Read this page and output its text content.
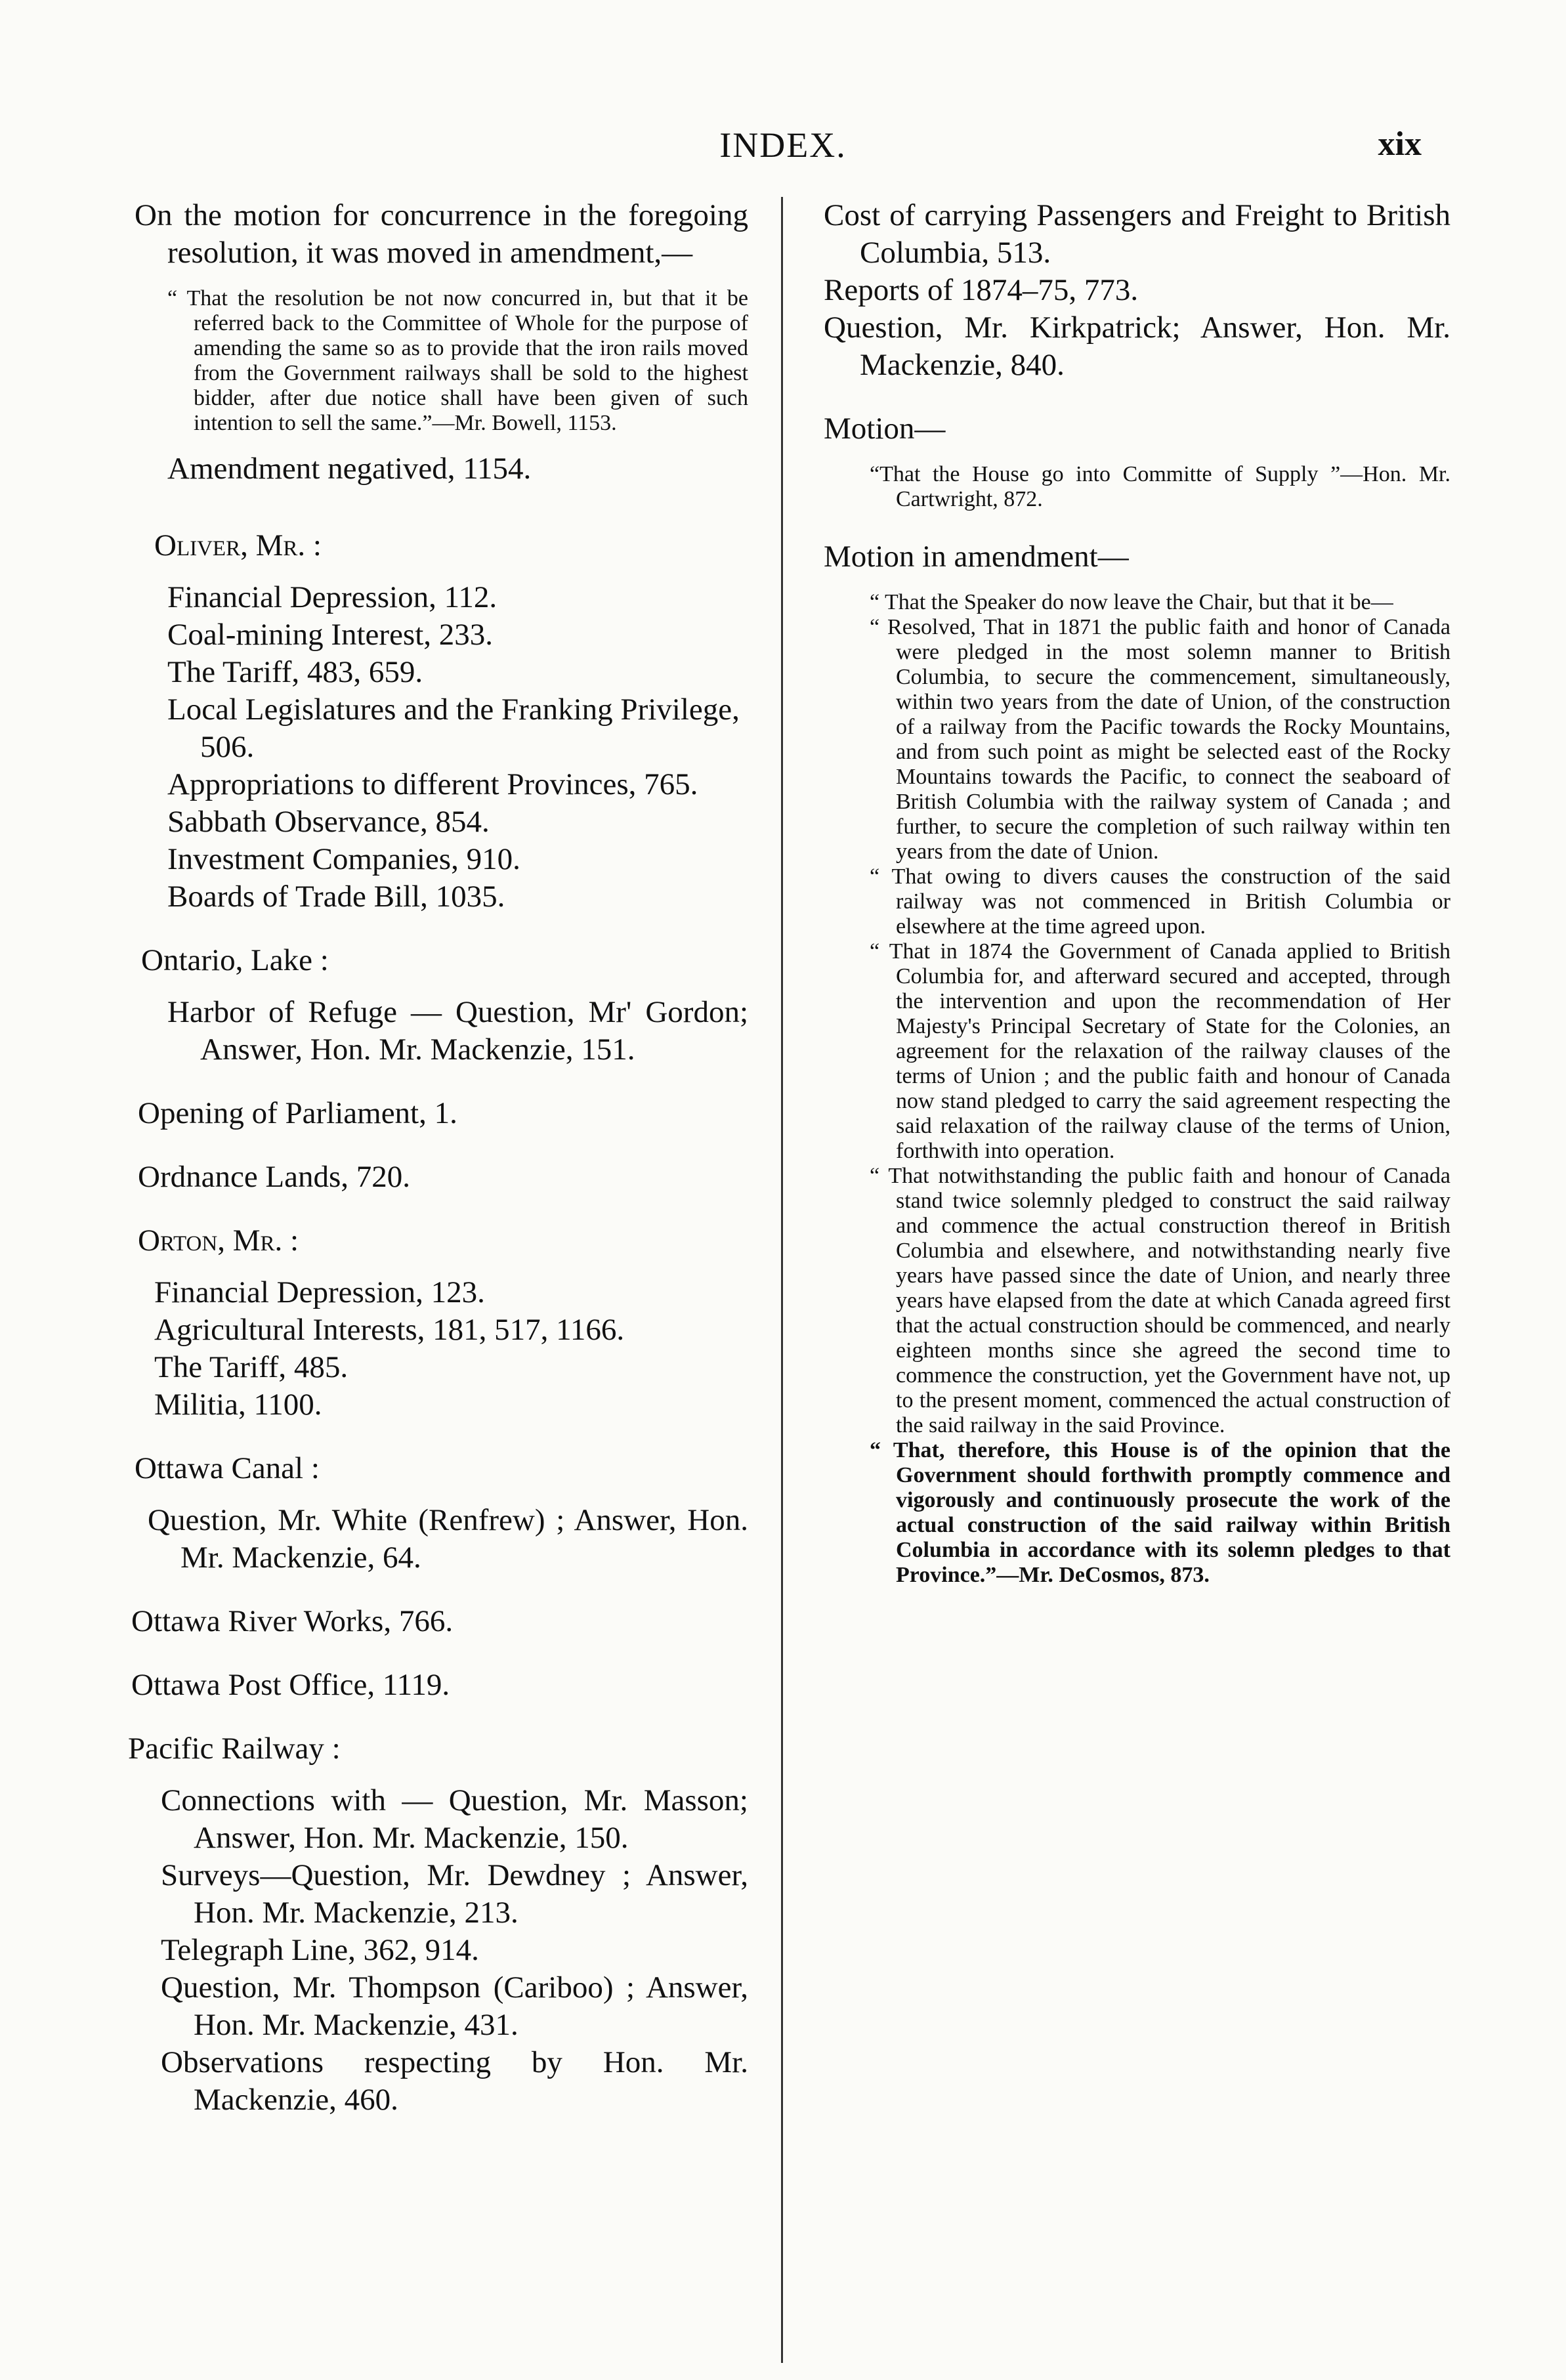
INDEX.	xix

On the motion for concurrence in the foregoing resolution, it was moved in amendment,—

“ That the resolution be not now concurred in, but that it be referred back to the Committee of Whole for the purpose of amending the same so as to provide that the iron rails moved from the Government railways shall be sold to the highest bidder, after due notice shall have been given of such intention to sell the same.”—Mr. Bowell, 1153.

Amendment negatived, 1154.

Oliver, Mr. :

Financial Depression, 112.

Coal-mining Interest, 233.

The Tariff, 483, 659.

Local Legislatures and the Franking Privilege, 506.

Appropriations to different Provinces, 765.

Sabbath Observance, 854.

Investment Companies, 910.

Boards of Trade Bill, 1035.

Ontario, Lake :

Harbor of Refuge — Question, Mr' Gordon; Answer, Hon. Mr. Mackenzie, 151.

Opening of Parliament, 1.

Ordnance Lands, 720.

Orton, Mr. :

Financial Depression, 123.

Agricultural Interests, 181, 517, 1166.

The Tariff, 485.

Militia, 1100.

Ottawa Canal :

Question, Mr. White (Renfrew) ; Answer, Hon. Mr. Mackenzie, 64.

Ottawa River Works, 766.

Ottawa Post Office, 1119.

Pacific Railway :

Connections with — Question, Mr. Masson; Answer, Hon. Mr. Mackenzie, 150.

Surveys—Question, Mr. Dewdney ; Answer, Hon. Mr. Mackenzie, 213.

Telegraph Line, 362, 914.

Question, Mr. Thompson (Cariboo) ; Answer, Hon. Mr. Mackenzie, 431.

Observations respecting by Hon. Mr. Mackenzie, 460.

Cost of carrying Passengers and Freight to British Columbia, 513.

Reports of 1874–75, 773.

Question, Mr. Kirkpatrick; Answer, Hon. Mr. Mackenzie, 840.

Motion—

“That the House go into Committe of Supply ”—Hon. Mr. Cartwright, 872.

Motion in amendment—

“ That the Speaker do now leave the Chair, but that it be—

“ Resolved, That in 1871 the public faith and honor of Canada were pledged in the most solemn manner to British Columbia, to secure the commencement, simultaneously, within two years from the date of Union, of the construction of a railway from the Pacific towards the Rocky Mountains, and from such point as might be selected east of the Rocky Mountains towards the Pacific, to connect the seaboard of British Columbia with the railway system of Canada ; and further, to secure the completion of such railway within ten years from the date of Union.

“ That owing to divers causes the construction of the said railway was not commenced in British Columbia or elsewhere at the time agreed upon.

“ That in 1874 the Government of Canada applied to British Columbia for, and afterward secured and accepted, through the intervention and upon the recommendation of Her Majesty's Principal Secretary of State for the Colonies, an agreement for the relaxation of the railway clauses of the terms of Union ; and the public faith and honour of Canada now stand pledged to carry the said agreement respecting the said relaxation of the railway clause of the terms of Union, forthwith into operation.

“ That notwithstanding the public faith and honour of Canada stand twice solemnly pledged to construct the said railway and commence the actual construction thereof in British Columbia and elsewhere, and notwithstanding nearly five years have passed since the date of Union, and nearly three years have elapsed from the date at which Canada agreed first that the actual construction should be commenced, and nearly eighteen months since she agreed the second time to commence the construction, yet the Government have not, up to the present moment, commenced the actual construction of the said railway in the said Province.

“ That, therefore, this House is of the opinion that the Government should forthwith promptly commence and vigorously and continuously prosecute the work of the actual construction of the said railway within British Columbia in accordance with its solemn pledges to that Province.”—Mr. DeCosmos, 873.
